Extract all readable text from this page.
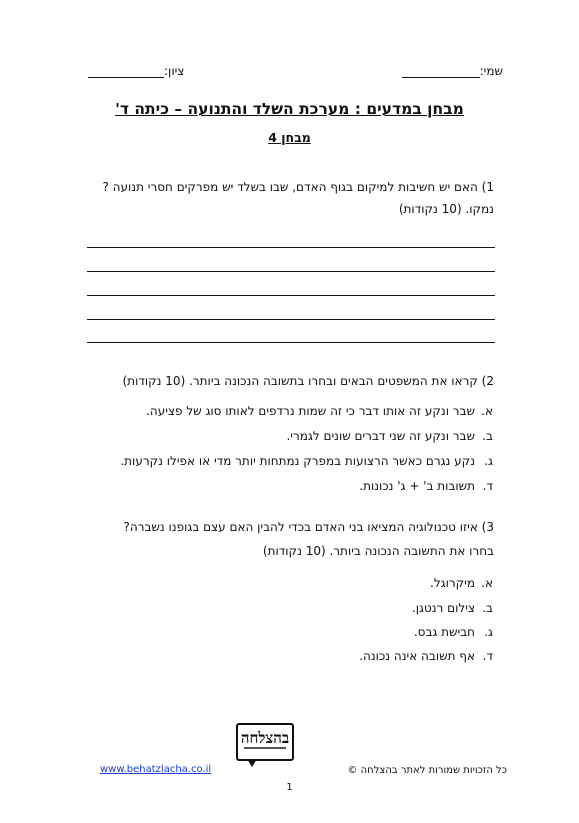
שמי:
ציון:
מבחן במדעים : מערכת השלד והתנועה – כיתה ד'
מבחן 4
1) האם יש חשיבות למיקום בגוף האדם, שבו בשלד יש מפרקים חסרי תנועה ?
נמקו. (10 נקודות)
2) קראו את המשפטים הבאים ובחרו בתשובה הנכונה ביותר. (10 נקודות)
א.שבר ונקע זה אותו דבר כי זה שמות נרדפים לאותו סוג של פציעה.
ב.שבר ונקע זה שני דברים שונים לגמרי.
ג.נקע נגרם כאשר הרצועות במפרק נמתחות יותר מדי או אפילו נקרעות.
ד.תשובות ב' + ג' נכונות.
3) איזו טכנולוגיה המציאו בני האדם בכדי להבין האם עצם בגופנו נשברה?
בחרו את התשובה הנכונה ביותר. (10 נקודות)
א.מיקרוגל.
ב.צילום רנטגן.
ג.חבישת גבס.
ד.אף תשובה אינה נכונה.
בהצלחה
www.behatzlacha.co.il	כל הזכויות שמורות לאתר בהצלחה ©
1
